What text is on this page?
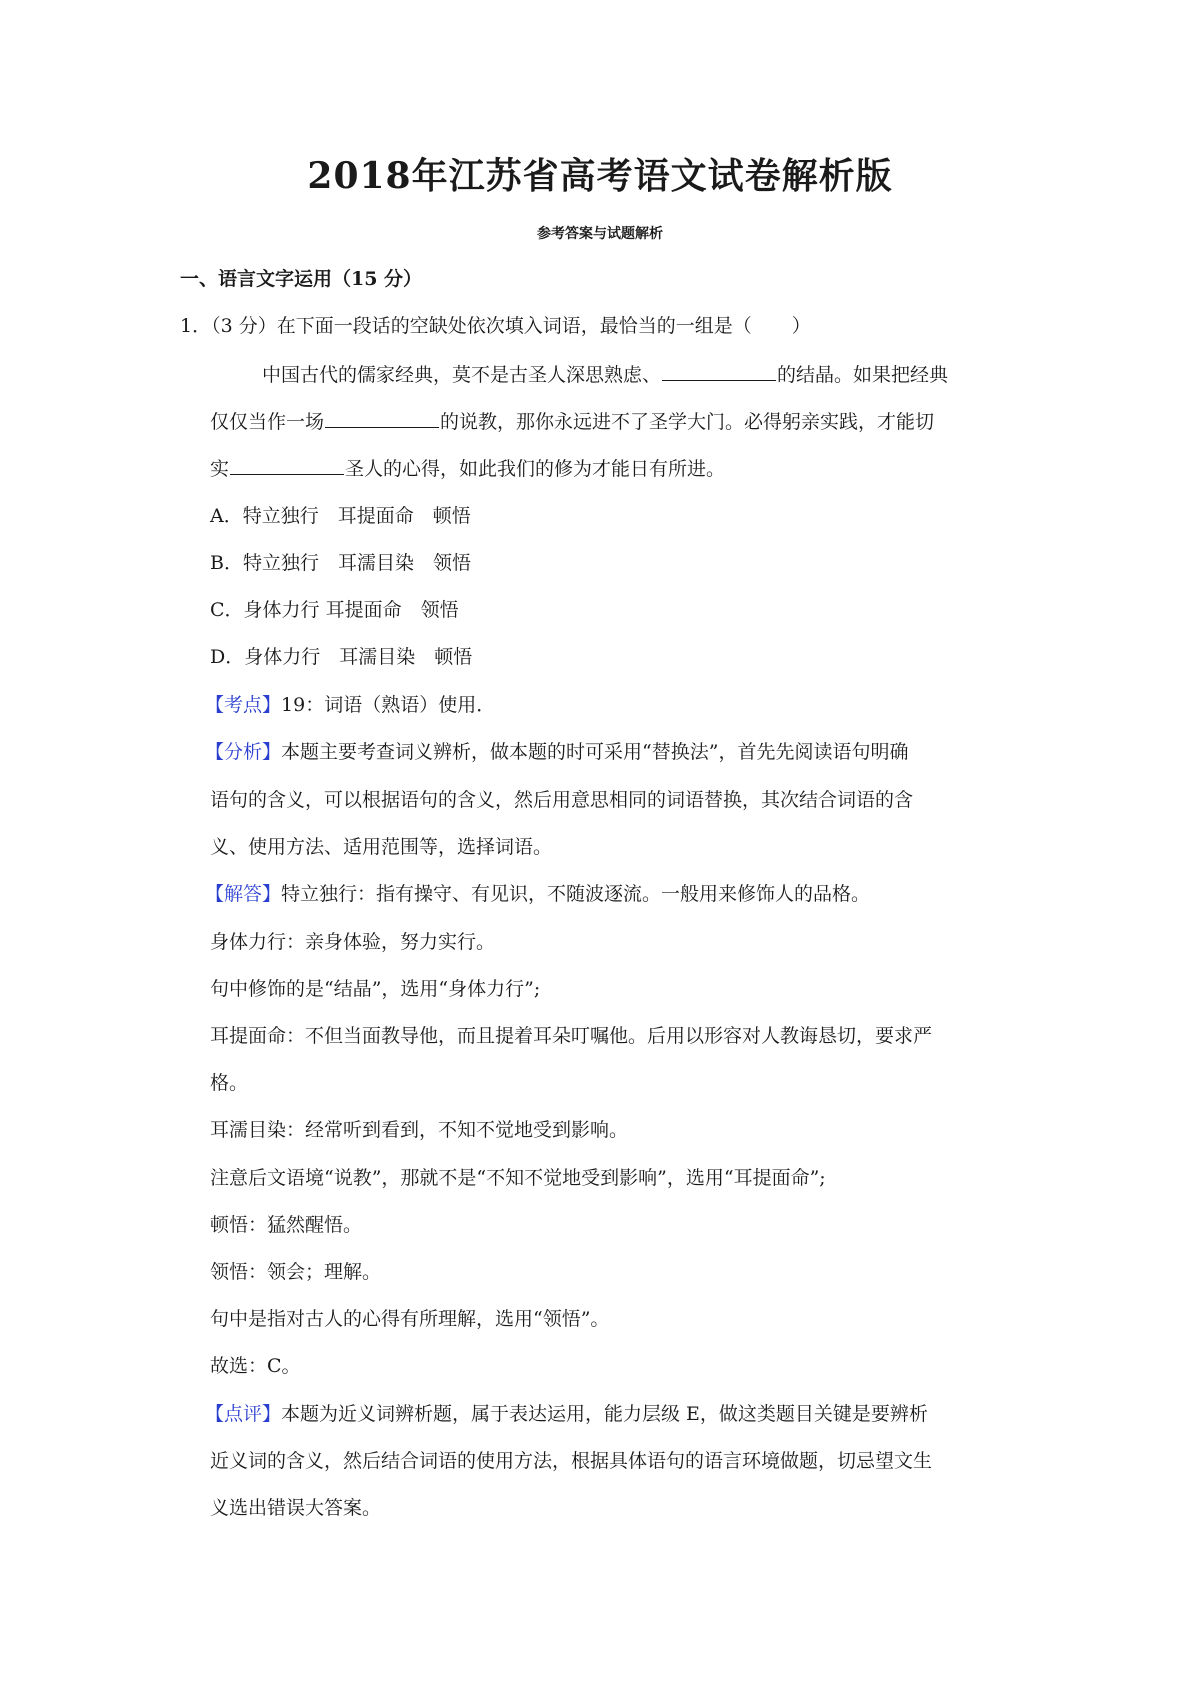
2018年江苏省高考语文试卷解析版
参考答案与试题解析
一、语言文字运用（15 分）
1．（3 分）在下面一段话的空缺处依次填入词语，最恰当的一组是（ ）
中国古代的儒家经典，莫不是古圣人深思熟虑、	的结晶。如果把经典
仅仅当作一场	的说教，那你永远进不了圣学大门。必得躬亲实践，才能切
实	圣人的心得，如此我们的修为才能日有所进。
A．特立独行　耳提面命　顿悟
B．特立独行　耳濡目染　领悟
C．身体力行 耳提面命　领悟
D．身体力行　耳濡目染　顿悟
【考点】19：词语（熟语）使用．
【分析】本题主要考查词义辨析，做本题的时可采用“替换法”，首先先阅读语句明确
语句的含义，可以根据语句的含义，然后用意思相同的词语替换，其次结合词语的含
义、使用方法、适用范围等，选择词语。
【解答】特立独行：指有操守、有见识，不随波逐流。一般用来修饰人的品格。
身体力行：亲身体验，努力实行。
句中修饰的是“结晶”，选用“身体力行”;
耳提面命：不但当面教导他，而且提着耳朵叮嘱他。后用以形容对人教诲恳切，要求严
格。
耳濡目染：经常听到看到，不知不觉地受到影响。
注意后文语境“说教”，那就不是“不知不觉地受到影响”，选用“耳提面命”;
顿悟：猛然醒悟。
领悟：领会；理解。
句中是指对古人的心得有所理解，选用“领悟”。
故选：C。
【点评】本题为近义词辨析题，属于表达运用，能力层级 E，做这类题目关键是要辨析
近义词的含义，然后结合词语的使用方法，根据具体语句的语言环境做题，切忌望文生
义选出错误大答案。
